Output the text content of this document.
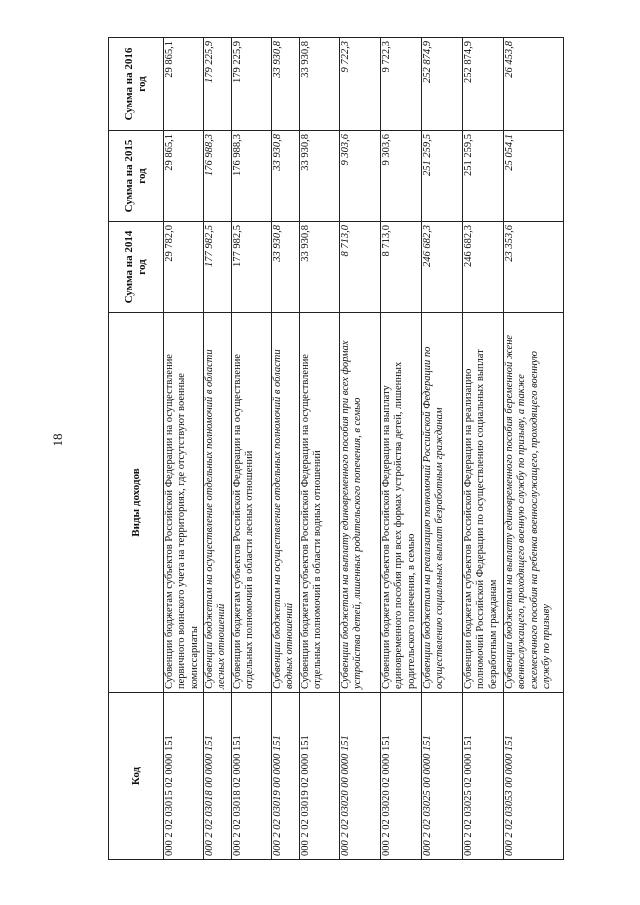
18
Код	Виды доходов	Сумма на 2014 год	Сумма на 2015 год	Сумма на 2016 год
000 2 02 03015 02 0000 151	Субвенции бюджетам субъектов Российской Федерации на осуществление первичного воинского учета на территориях, где отсутствуют военные комиссариаты	29 782,0	29 865,1	29 865,1
000 2 02 03018 00 0000 151	Субвенции бюджетам на осуществление отдельных полномочий в области лесных отношений	177 982,5	176 988,3	179 225,9
000 2 02 03018 02 0000 151	Субвенции бюджетам субъектов Российской Федерации на осуществление отдельных полномочий в области лесных отношений	177 982,5	176 988,3	179 225,9
000 2 02 03019 00 0000 151	Субвенции бюджетам на осуществление отдельных полномочий в области водных отношений	33 930,8	33 930,8	33 930,8
000 2 02 03019 02 0000 151	Субвенции бюджетам субъектов Российской Федерации на осуществление отдельных полномочий в области водных отношений	33 930,8	33 930,8	33 930,8
000 2 02 03020 00 0000 151	Субвенции бюджетам на выплату единовременного пособия при всех формах устройства детей, лишенных родительского попечения, в семью	8 713,0	9 303,6	9 722,3
000 2 02 03020 02 0000 151	Субвенции бюджетам субъектов Российской Федерации на выплату единовременного пособия при всех формах устройства детей, лишенных родительского попечения, в семью	8 713,0	9 303,6	9 722,3
000 2 02 03025 00 0000 151	Субвенции бюджетам на реализацию полномочий Российской Федерации по осуществлению социальных выплат безработным гражданам	246 682,3	251 259,5	252 874,9
000 2 02 03025 02 0000 151	Субвенции бюджетам субъектов Российской Федерации на реализацию полномочий Российской Федерации по осуществлению социальных выплат безработным гражданам	246 682,3	251 259,5	252 874,9
000 2 02 03053 00 0000 151	Субвенции бюджетам на выплату единовременного пособия беременной жене военнослужащего, проходящего военную службу по призыву, а также ежемесячного пособия на ребенка военнослужащего, проходящего военную службу по призыву	23 353,6	25 054,1	26 453,8
